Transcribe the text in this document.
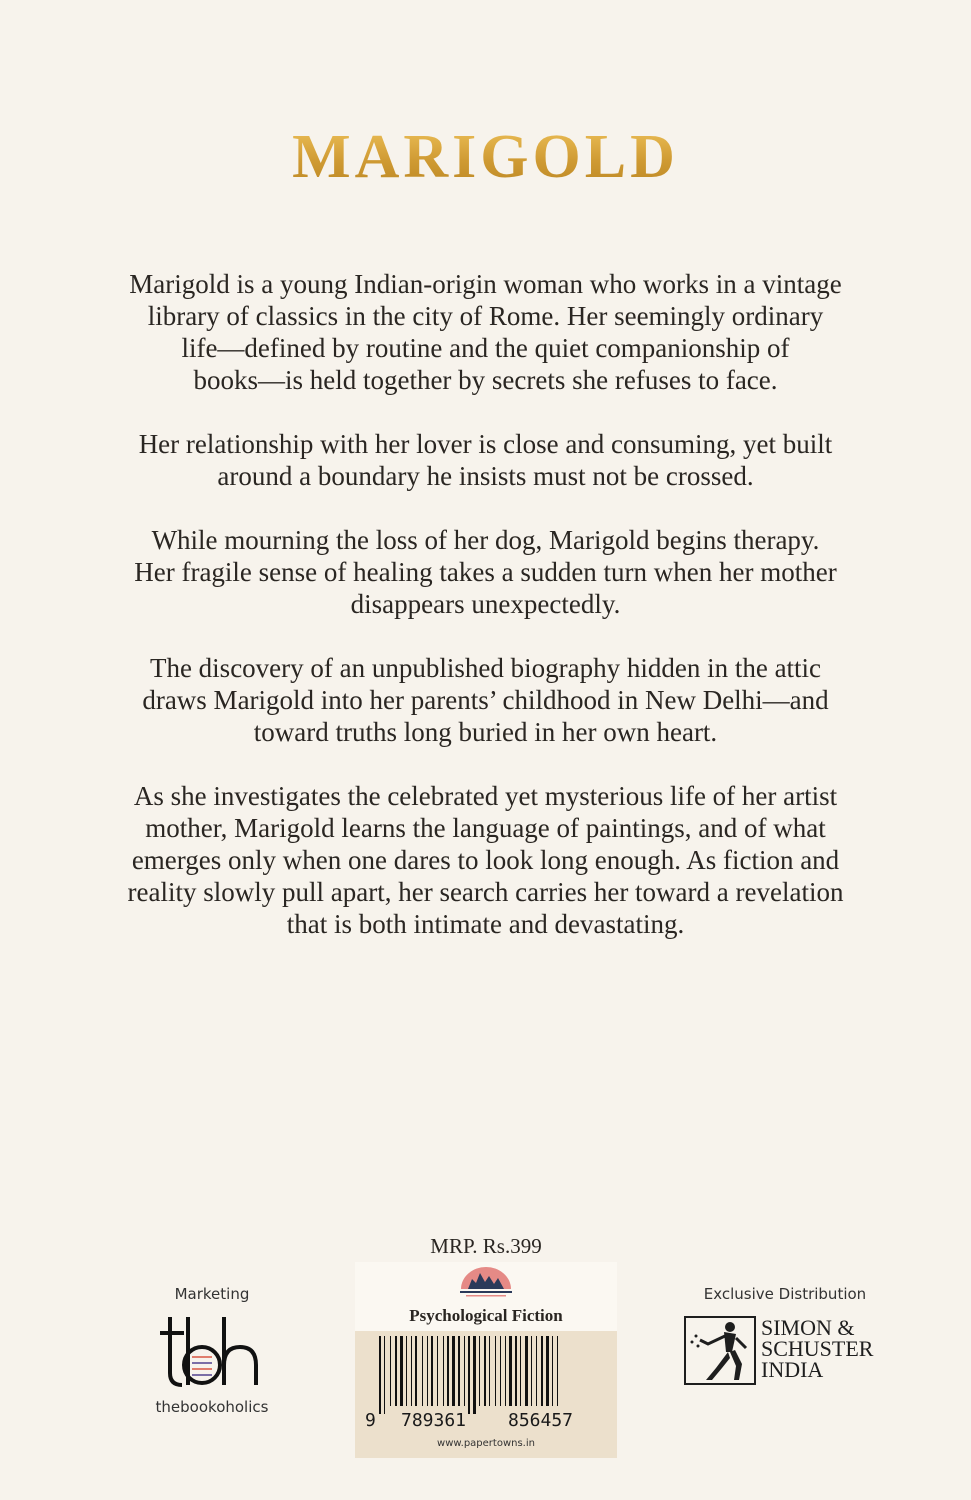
MARIGOLD

Marigold is a young Indian-origin woman who works in a vintage
library of classics in the city of Rome. Her seemingly ordinary
life—defined by routine and the quiet companionship of
books—is held together by secrets she refuses to face.

Her relationship with her lover is close and consuming, yet built
around a boundary he insists must not be crossed.

While mourning the loss of her dog, Marigold begins therapy.
Her fragile sense of healing takes a sudden turn when her mother
disappears unexpectedly.

The discovery of an unpublished biography hidden in the attic
draws Marigold into her parents’ childhood in New Delhi—and
toward truths long buried in her own heart.

As she investigates the celebrated yet mysterious life of her artist
mother, Marigold learns the language of paintings, and of what
emerges only when one dares to look long enough. As fiction and
reality slowly pull apart, her search carries her toward a revelation
that is both intimate and devastating.

MRP. Rs.399
Psychological Fiction
9 789361 856457
www.papertowns.in
Marketing
thebookoholics
Exclusive Distribution
SIMON &
SCHUSTER
INDIA
